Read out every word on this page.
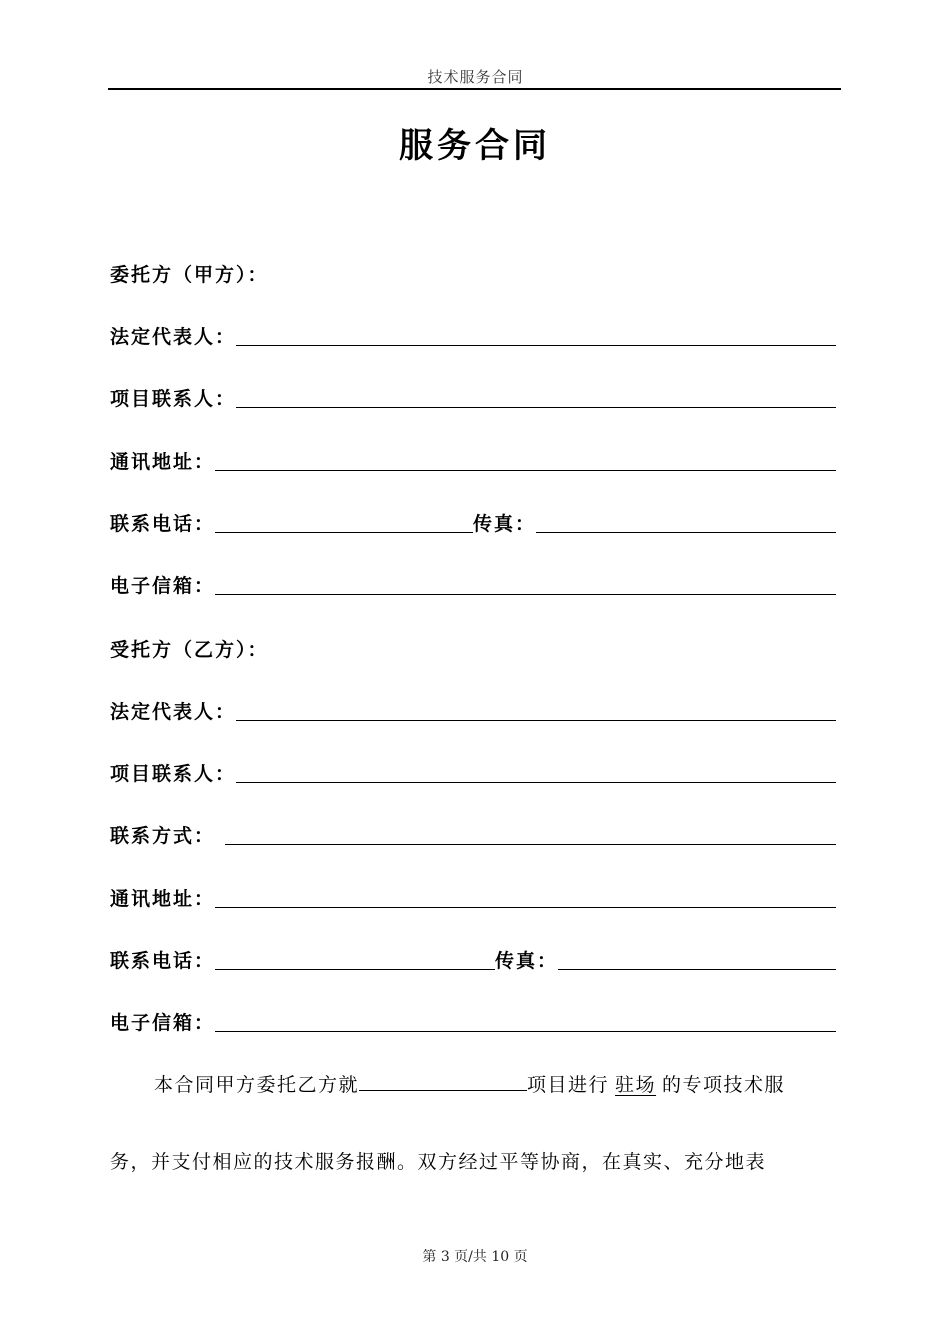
技术服务合同
服务合同
委托方（甲方）：
法定代表人：
项目联系人：
通讯地址：
联系电话：	传真：
电子信箱：
受托方（乙方）：
法定代表人：
项目联系人：
联系方式：
通讯地址：
联系电话：	传真：
电子信箱：
本合同甲方委托乙方就	项目进行 驻场 的专项技术服
务，并支付相应的技术服务报酬。双方经过平等协商，在真实、充分地表
第 3 页/共 10 页
